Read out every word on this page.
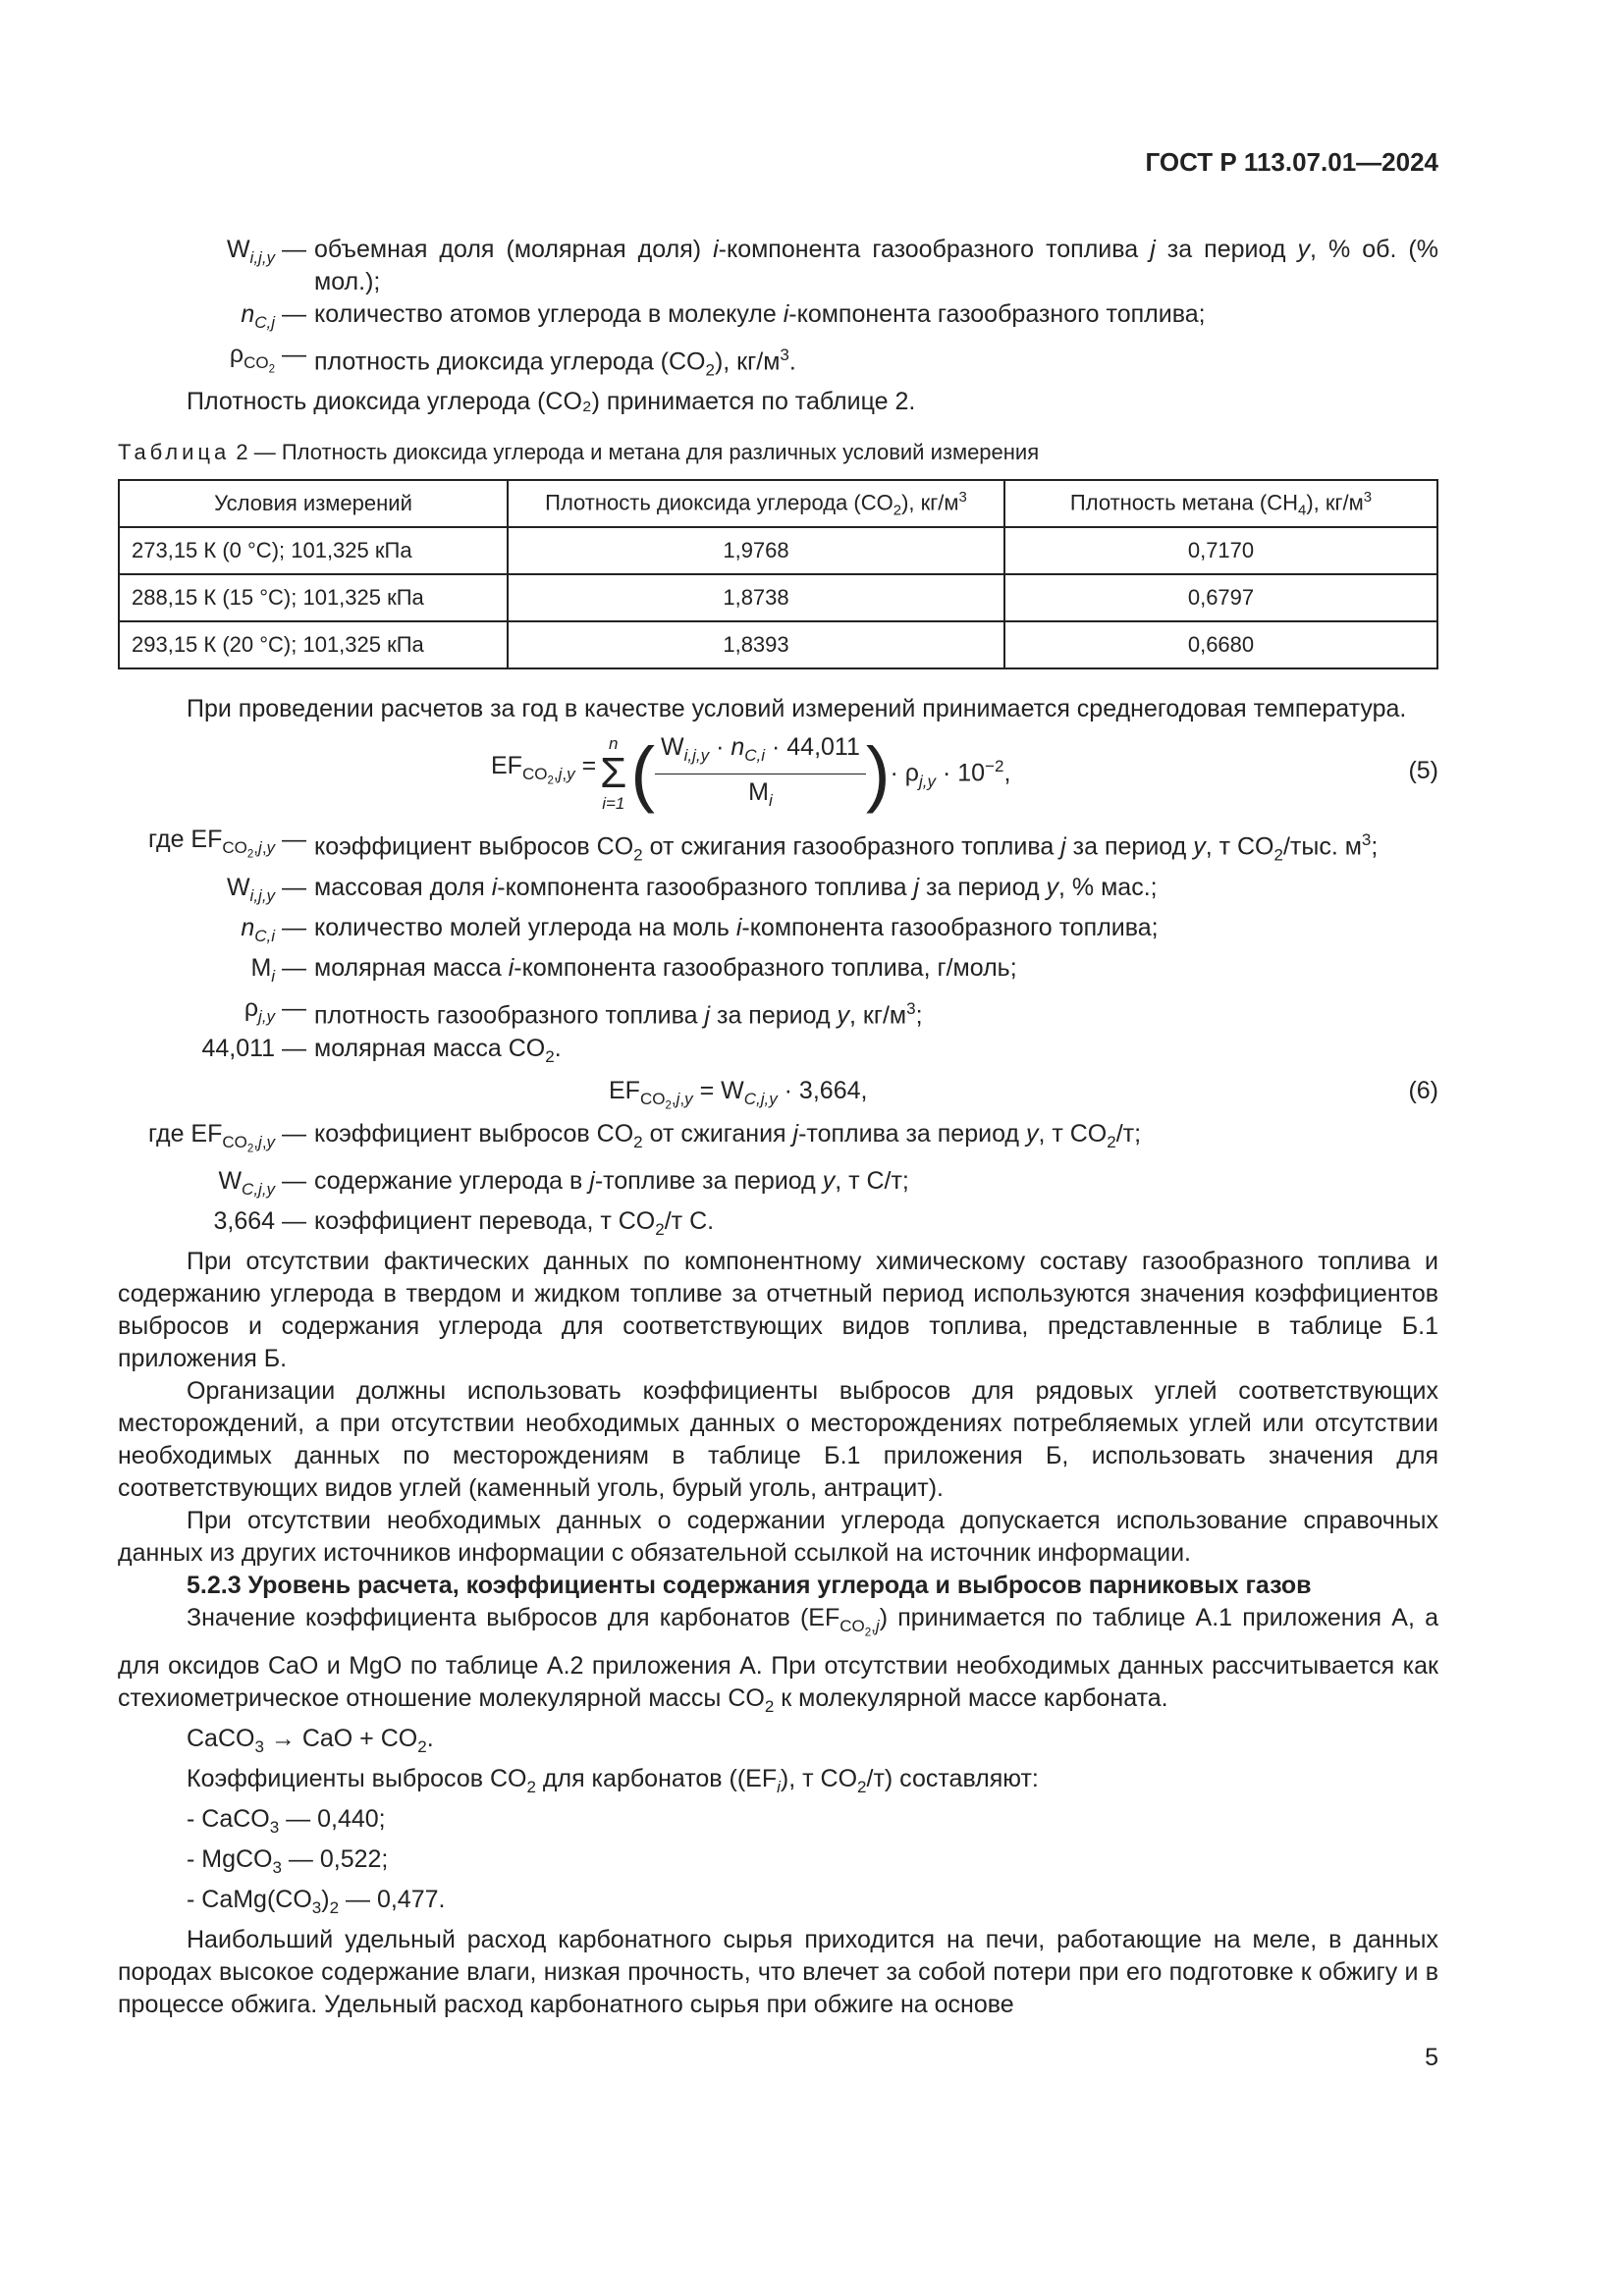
ГОСТ Р 113.07.01—2024
$W_{i,j,y}$ — объемная доля (молярная доля) i-компонента газообразного топлива j за период y, % об. (% мол.);
$n_{C,j}$ — количество атомов углерода в молекуле i-компонента газообразного топлива;
$\rho_{CO_2}$ — плотность диоксида углерода $(CO_2)$, $кг/м^3$.
Плотность диоксида углерода (CO₂) принимается по таблице 2.
Таблица 2 — Плотность диоксида углерода и метана для различных условий измерения
Условия измерений	Плотность диоксида углерода $(CO_2)$, $кг/м^3$	Плотность метана $(CH_4)$, $кг/м^3$
273,15 К (0 °С); 101,325 кПа	1,9768	0,7170
288,15 К (15 °С); 101,325 кПа	1,8738	0,6797
293,15 К (20 °С); 101,325 кПа	1,8393	0,6680
При проведении расчетов за год в качестве условий измерений принимается среднегодовая температура.
$EF_{CO_2,j,y}$ =
n
Σ
i=1 ( $\frac{W_{i,j,y} \cdot n_{C,i} \cdot 44,011}{M_i}$ ) · $\rho_{j,y} \cdot 10^{-2}$,	(5)
где $EF_{CO_2,j,y}$ — коэффициент выбросов $CO_2$ от сжигания газообразного топлива j за период y, т $CO_2$/тыс. $м^3$;
$W_{i,j,y}$ — массовая доля i-компонента газообразного топлива j за период y, % мас.;
$n_{C,i}$ — количество молей углерода на моль i-компонента газообразного топлива;
$M_i$ — молярная масса i-компонента газообразного топлива, г/моль;
$\rho_{j,y}$ — плотность газообразного топлива j за период y, $кг/м^3$;
44,011 — молярная масса $CO_2$.
$EF_{CO_2,j,y} = W_{C,j,y} \cdot 3,664$,	(6)
где $EF_{CO_2,j,y}$ — коэффициент выбросов $CO_2$ от сжигания j-топлива за период y, т $CO_2/т$;
$W_{C,j,y}$ — содержание углерода в j-топливе за период y, т С/т;
3,664 — коэффициент перевода, т $CO_2/т$ С.
При отсутствии фактических данных по компонентному химическому составу газообразного топлива и содержанию углерода в твердом и жидком топливе за отчетный период используются значения коэффициентов выбросов и содержания углерода для соответствующих видов топлива, представленные в таблице Б.1 приложения Б.
Организации должны использовать коэффициенты выбросов для рядовых углей соответствующих месторождений, а при отсутствии необходимых данных о месторождениях потребляемых углей или отсутствии необходимых данных по месторождениям в таблице Б.1 приложения Б, использовать значения для соответствующих видов углей (каменный уголь, бурый уголь, антрацит).
При отсутствии необходимых данных о содержании углерода допускается использование справочных данных из других источников информации с обязательной ссылкой на источник информации.
5.2.3 Уровень расчета, коэффициенты содержания углерода и выбросов парниковых газов
Значение коэффициента выбросов для карбонатов $(EF_{CO_2,j})$ принимается по таблице А.1 приложения А, а для оксидов CaO и MgO по таблице А.2 приложения А. При отсутствии необходимых данных рассчитывается как стехиометрическое отношение молекулярной массы $CO_2$ к молекулярной массе карбоната.
CaCO$_3$ → CaO + $CO_2$.
Коэффициенты выбросов $CO_2$ для карбонатов ($(EF_i)$, т $CO_2/т$) составляют:
- CaCO$_3$ — 0,440;
- MgCO$_3$ — 0,522;
- $CaMg(CO_3)_2$ — 0,477.
Наибольший удельный расход карбонатного сырья приходится на печи, работающие на меле, в данных породах высокое содержание влаги, низкая прочность, что влечет за собой потери при его подготовке к обжигу и в процессе обжига. Удельный расход карбонатного сырья при обжиге на основе
5
